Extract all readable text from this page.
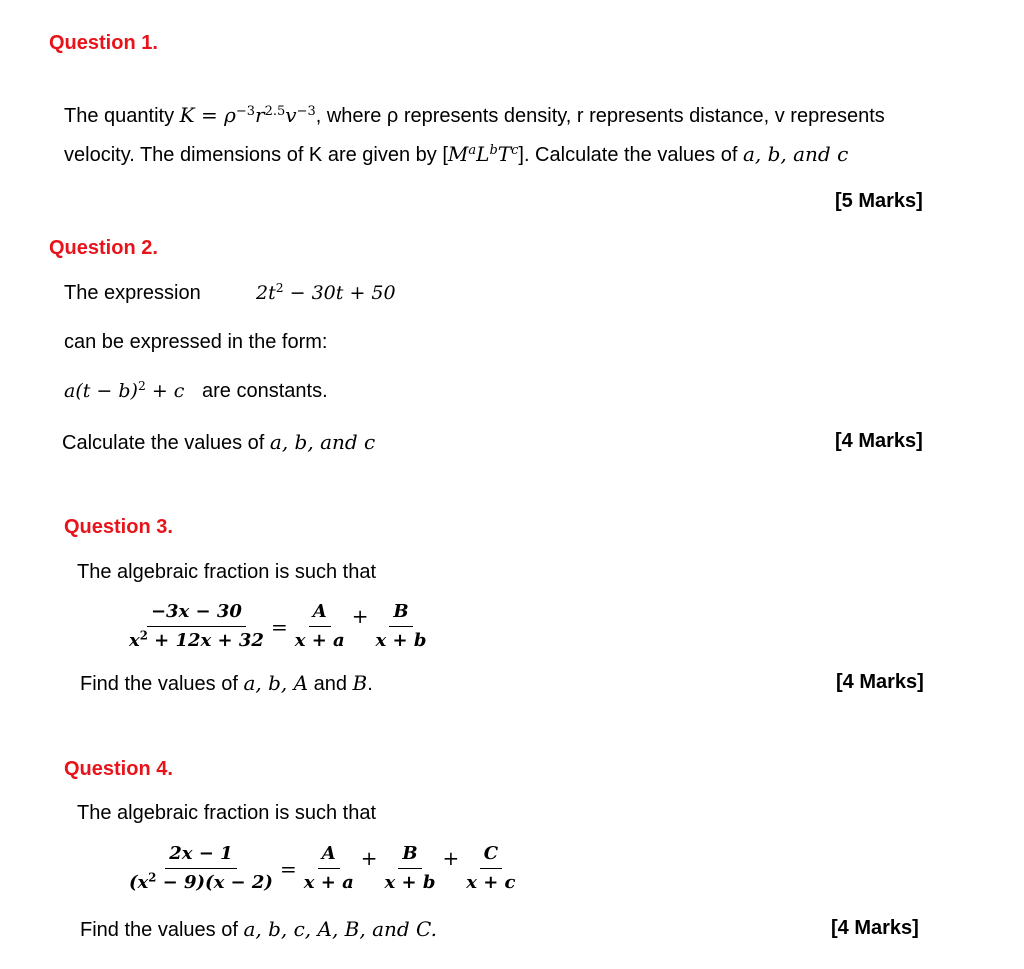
Question 1.
The quantity $K = \rho^{-3}r^{2.5}v^{-3}$, where ρ represents density, r represents distance, v represents
velocity. The dimensions of K are given by $[M^aL^bT^c]$. Calculate the values of a, b, and c
[5 Marks]
Question 2.
The expression	$2t^2 - 30t + 50$
can be expressed in the form:
$a(t - b)^2 + c$ are constants.
Calculate the values of a, b, and c	[4 Marks]
Question 3.
The algebraic fraction is such that
$\frac{-3x - 30}{x^2 + 12x + 32} = \frac{A}{x + a} + \frac{B}{x + b}$
Find the values of a, b, A and B.	[4 Marks]
Question 4.
The algebraic fraction is such that
$\frac{2x - 1}{(x^2 - 9)(x - 2)} = \frac{A}{x + a} + \frac{B}{x + b} + \frac{C}{x + c}$
Find the values of a, b, c, A, B, and C.	[4 Marks]
